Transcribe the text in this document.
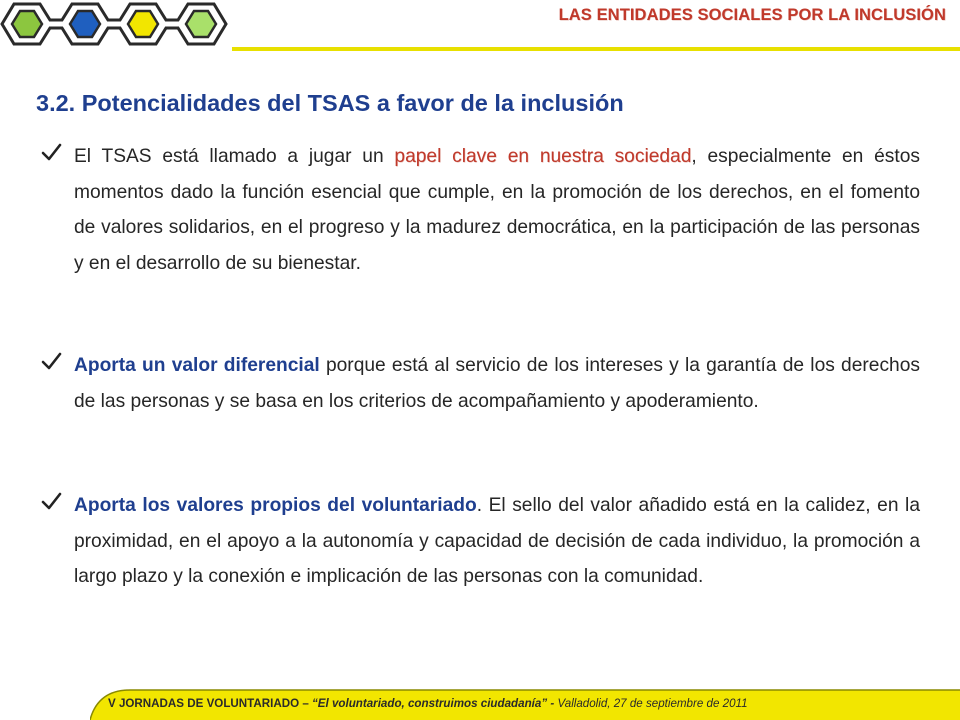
LAS ENTIDADES SOCIALES POR LA INCLUSIÓN
3.2. Potencialidades del TSAS a favor de la inclusión
El TSAS está llamado a jugar un papel clave en nuestra sociedad, especialmente en éstos momentos dado la función esencial que cumple, en la promoción de los derechos, en el fomento de valores solidarios, en el progreso y la madurez democrática, en la participación de las personas y en el desarrollo de su bienestar.
Aporta un valor diferencial porque está al servicio de los intereses y la garantía de los derechos de las personas y se basa en los criterios de acompañamiento y apoderamiento.
Aporta los valores propios del voluntariado. El sello del valor añadido está en la calidez, en la proximidad, en el apoyo a la autonomía y capacidad de decisión de cada individuo, la promoción a largo plazo y la conexión e implicación de las personas con la comunidad.
V JORNADAS DE VOLUNTARIADO – “El voluntariado, construimos ciudadanía” - Valladolid, 27 de septiembre de 2011
